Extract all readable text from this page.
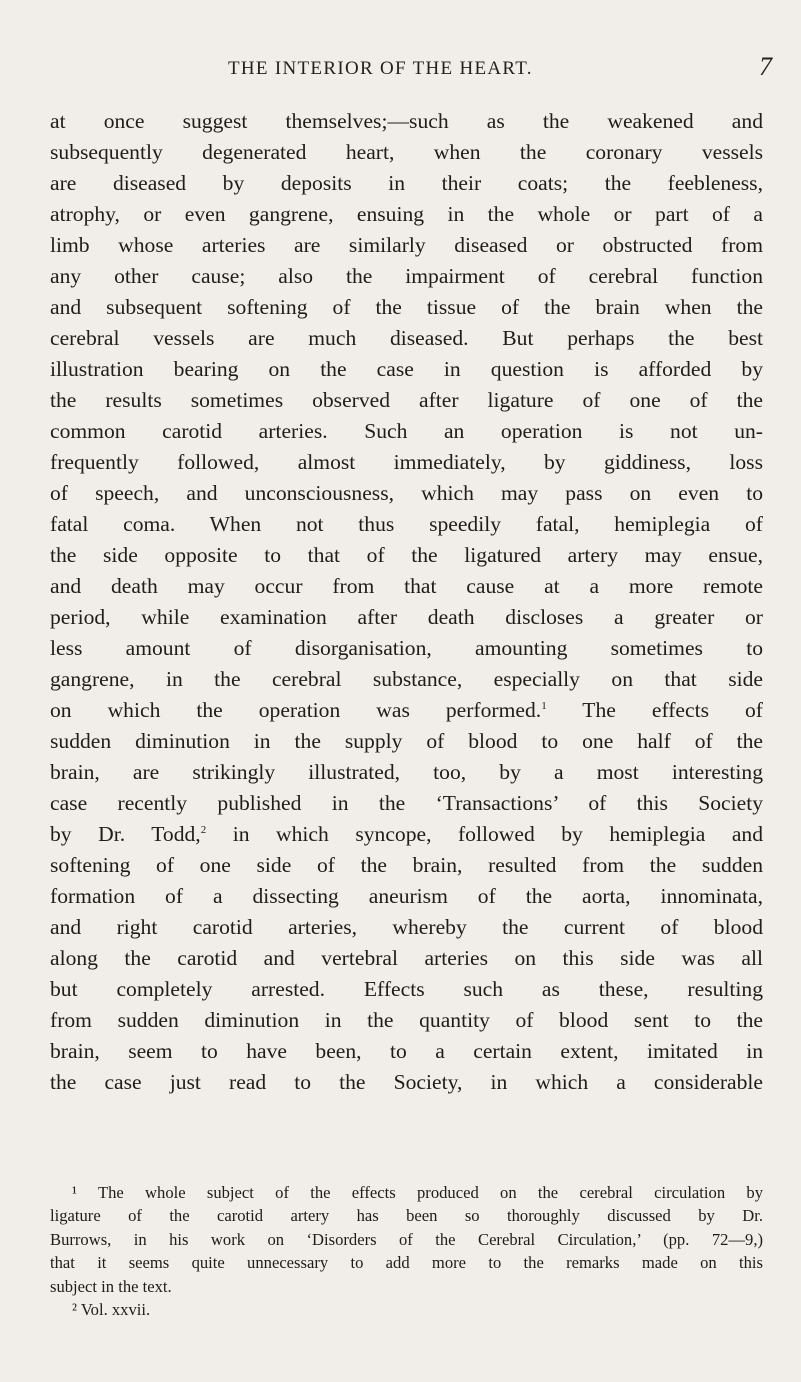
THE INTERIOR OF THE HEART.	7
at once suggest themselves;—such as the weakened and
subsequently degenerated heart, when the coronary vessels
are diseased by deposits in their coats; the feebleness,
atrophy, or even gangrene, ensuing in the whole or part of a
limb whose arteries are similarly diseased or obstructed from
any other cause; also the impairment of cerebral function
and subsequent softening of the tissue of the brain when the
cerebral vessels are much diseased. But perhaps the best
illustration bearing on the case in question is afforded by
the results sometimes observed after ligature of one of the
common carotid arteries. Such an operation is not un-
frequently followed, almost immediately, by giddiness, loss
of speech, and unconsciousness, which may pass on even to
fatal coma. When not thus speedily fatal, hemiplegia of
the side opposite to that of the ligatured artery may ensue,
and death may occur from that cause at a more remote
period, while examination after death discloses a greater or
less amount of disorganisation, amounting sometimes to
gangrene, in the cerebral substance, especially on that side
on which the operation was performed.$^1$ The effects of
sudden diminution in the supply of blood to one half of the
brain, are strikingly illustrated, too, by a most interesting
case recently published in the ‘Transactions’ of this Society
by Dr. Todd,$^2$ in which syncope, followed by hemiplegia and
softening of one side of the brain, resulted from the sudden
formation of a dissecting aneurism of the aorta, innominata,
and right carotid arteries, whereby the current of blood
along the carotid and vertebral arteries on this side was all
but completely arrested. Effects such as these, resulting
from sudden diminution in the quantity of blood sent to the
brain, seem to have been, to a certain extent, imitated in
the case just read to the Society, in which a considerable
¹ The whole subject of the effects produced on the cerebral circulation by
ligature of the carotid artery has been so thoroughly discussed by Dr.
Burrows, in his work on ‘Disorders of the Cerebral Circulation,’ (pp. 72—9,)
that it seems quite unnecessary to add more to the remarks made on this
subject in the text.
² Vol. xxvii.
